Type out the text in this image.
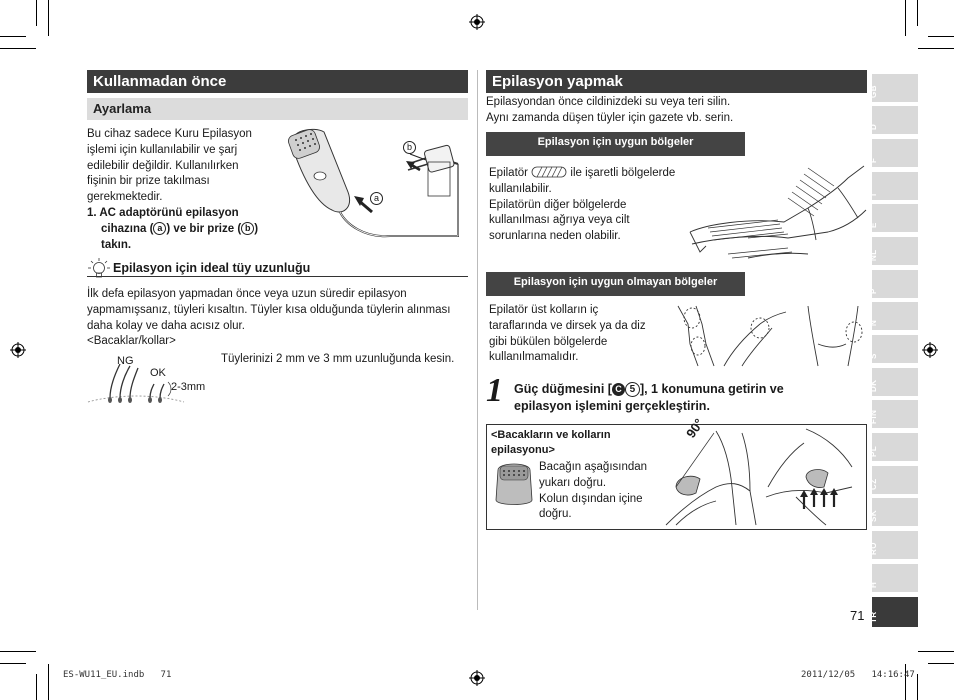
Kullanmadan önce
Ayarlama
Bu cihaz sadece Kuru Epilasyon
işlemi için kullanılabilir ve şarj
edilebilir değildir. Kullanılırken
fişinin bir prize takılması
gerekmektedir.
1. AC adaptörünü epilasyon
cihazına ( a ) ve bir prize ( b )
takın.
a
b
Epilasyon için ideal tüy uzunluğu
İlk defa epilasyon yapmadan önce veya uzun süredir epilasyon
yapmamışsanız, tüyleri kısaltın. Tüyler kısa olduğunda tüylerin alınması
daha kolay ve daha acısız olur.
<Bacaklar/kollar>
NG
OK
2-3mm
Tüylerinizi 2 mm ve 3 mm uzunluğunda kesin.
Epilasyon yapmak
Epilasyondan önce cildinizdeki su veya teri silin.
Aynı zamanda düşen tüyler için gazete vb. serin.
Epilasyon için uygun bölgeler
Epilatör	ile işaretli bölgelerde
kullanılabilir.
Epilatörün diğer bölgelerde
kullanılması ağrıya veya cilt
sorunlarına neden olabilir.
Epilasyon için uygun olmayan bölgeler
Epilatör üst kolların iç
taraflarında ve dirsek ya da diz
gibi bükülen bölgelerde
kullanılmamalıdır.
1 Güç düğmesini [ C 5 ], 1 konumuna getirin ve
epilasyon işlemini gerçekleştirin.
<Bacakların ve kolların
epilasyonu>
Bacağın aşağısından
yukarı doğru.
Kolun dışından içine
doğru.
90°
GB
D
F
I
E
NL
P
N
S
DK
FIN
PL
CZ
SK
RO
H
TR
71
ES-WU11_EU.indb 71	2011/12/05 14:16:47
